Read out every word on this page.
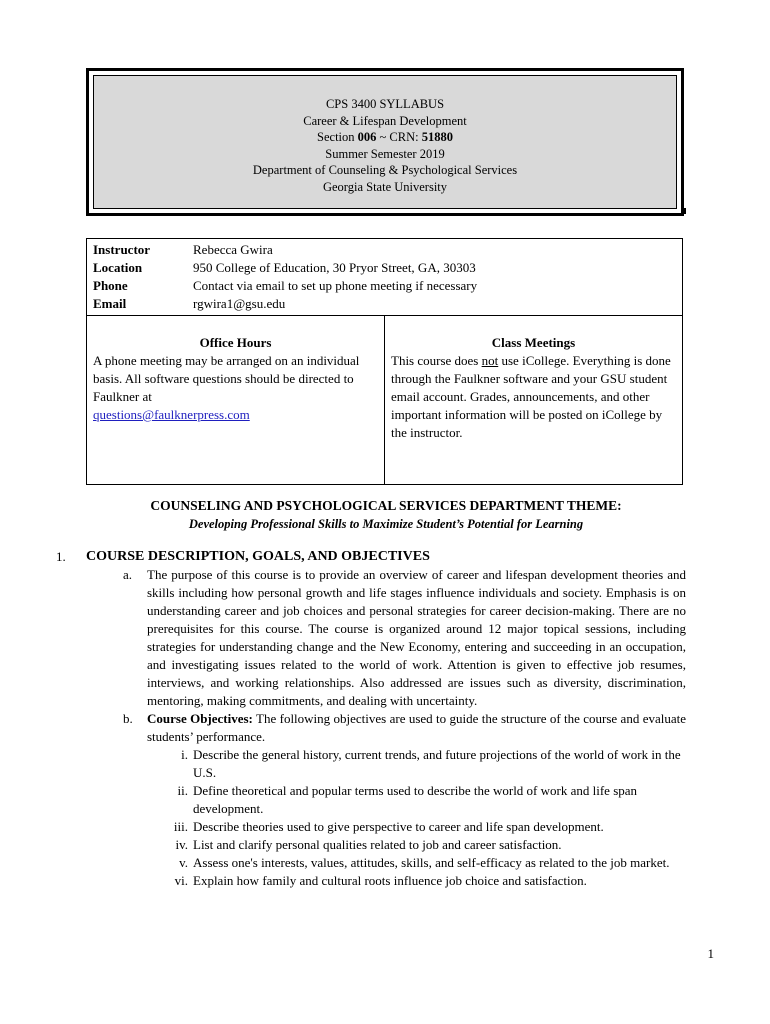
CPS 3400 SYLLABUS
Career & Lifespan Development
Section 006 ~ CRN: 51880
Summer Semester 2019
Department of Counseling & Psychological Services
Georgia State University
Instructor	Rebecca Gwira
Location	950 College of Education, 30 Pryor Street, GA, 30303
Phone	Contact via email to set up phone meeting if necessary
Email	rgwira1@gsu.edu

Office Hours
A phone meeting may be arranged on an individual basis. All software questions should be directed to Faulkner at
questions@faulknerpress.com

Class Meetings
This course does not use iCollege. Everything is done through the Faulkner software and your GSU student email account. Grades, announcements, and other important information will be posted on iCollege by the instructor.
COUNSELING AND PSYCHOLOGICAL SERVICES DEPARTMENT THEME:
Developing Professional Skills to Maximize Student’s Potential for Learning
1. COURSE DESCRIPTION, GOALS, AND OBJECTIVES
a. The purpose of this course is to provide an overview of career and lifespan development theories and skills including how personal growth and life stages influence individuals and society. Emphasis is on understanding career and job choices and personal strategies for career decision-making. There are no prerequisites for this course. The course is organized around 12 major topical sessions, including strategies for understanding change and the New Economy, entering and succeeding in an occupation, and investigating issues related to the world of work. Attention is given to effective job resumes, interviews, and working relationships. Also addressed are issues such as diversity, discrimination, mentoring, making commitments, and dealing with uncertainty.
b. Course Objectives: The following objectives are used to guide the structure of the course and evaluate students’ performance.
i. Describe the general history, current trends, and future projections of the world of work in the U.S.
ii. Define theoretical and popular terms used to describe the world of work and life span development.
iii. Describe theories used to give perspective to career and life span development.
iv. List and clarify personal qualities related to job and career satisfaction.
v. Assess one's interests, values, attitudes, skills, and self-efficacy as related to the job market.
vi. Explain how family and cultural roots influence job choice and satisfaction.
1
